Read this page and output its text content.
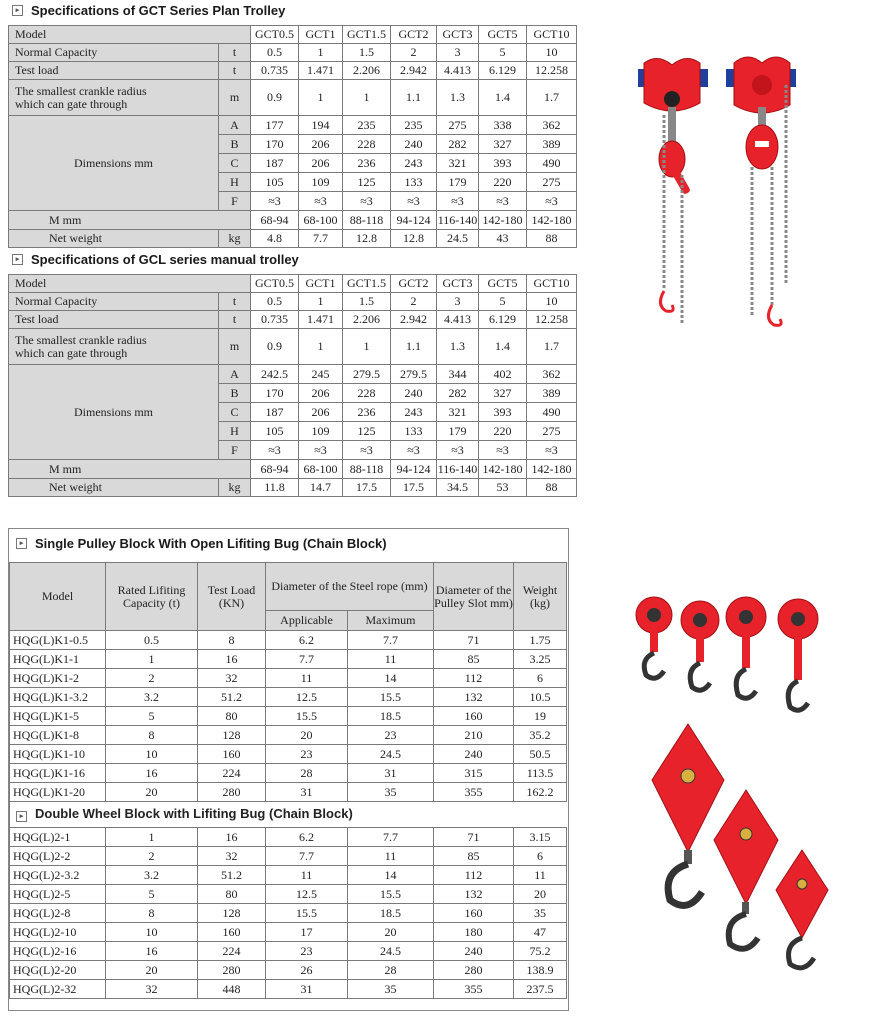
▸ Specifications of GCT Series Plan Trolley
Model		GCT0.5	GCT1	GCT1.5	GCT2	GCT3	GCT5	GCT10
Normal Capacity	t	0.5	1	1.5	2	3	5	10
Test load	t	0.735	1.471	2.206	2.942	4.413	6.129	12.258

The smallest crankle radius
which can gate through	m	0.9	1	1	1.1	1.3	1.4	1.7
Dimensions mm	A	177	194	235	235	275	338	362
	B	170	206	228	240	282	327	389
	C	187	206	236	243	321	393	490
	H	105	109	125	133	179	220	275
	F	≈3	≈3	≈3	≈3	≈3	≈3	≈3
M mm		68-94	68-100	88-118	94-124	116-140	142-180	142-180
Net weight	kg	4.8	7.7	12.8	12.8	24.5	43	88
▸ Specifications of GCL series manual trolley
Model		GCT0.5	GCT1	GCT1.5	GCT2	GCT3	GCT5	GCT10
Normal Capacity	t	0.5	1	1.5	2	3	5	10
Test load	t	0.735	1.471	2.206	2.942	4.413	6.129	12.258

The smallest crankle radius
which can gate through	m	0.9	1	1	1.1	1.3	1.4	1.7
Dimensions mm	A	242.5	245	279.5	279.5	344	402	362
	B	170	206	228	240	282	327	389
	C	187	206	236	243	321	393	490
	H	105	109	125	133	179	220	275
	F	≈3	≈3	≈3	≈3	≈3	≈3	≈3
M mm		68-94	68-100	88-118	94-124	116-140	142-180	142-180
Net weight	kg	11.8	14.7	17.5	17.5	34.5	53	88
▸ Single Pulley Block With Open Lifiting Bug (Chain Block)
Model	Rated Lifiting Capacity (t)	Test Load (KN)	Diameter of the Steel rope (mm)		Diameter of the Pulley Slot mm)	Weight (kg)
			Applicable	Maximum		
HQG(L)K1-0.5	0.5	8	6.2	7.7	71	1.75
HQG(L)K1-1	1	16	7.7	11	85	3.25
HQG(L)K1-2	2	32	11	14	112	6
HQG(L)K1-3.2	3.2	51.2	12.5	15.5	132	10.5
HQG(L)K1-5	5	80	15.5	18.5	160	19
HQG(L)K1-8	8	128	20	23	210	35.2
HQG(L)K1-10	10	160	23	24.5	240	50.5
HQG(L)K1-16	16	224	28	31	315	113.5
HQG(L)K1-20	20	280	31	35	355	162.2
▸ Double Wheel Block with Lifiting Bug (Chain Block)						
HQG(L)2-1	1	16	6.2	7.7	71	3.15
HQG(L)2-2	2	32	7.7	11	85	6
HQG(L)2-3.2	3.2	51.2	11	14	112	11
HQG(L)2-5	5	80	12.5	15.5	132	20
HQG(L)2-8	8	128	15.5	18.5	160	35
HQG(L)2-10	10	160	17	20	180	47
HQG(L)2-16	16	224	23	24.5	240	75.2
HQG(L)2-20	20	280	26	28	280	138.9
HQG(L)2-32	32	448	31	35	355	237.5
